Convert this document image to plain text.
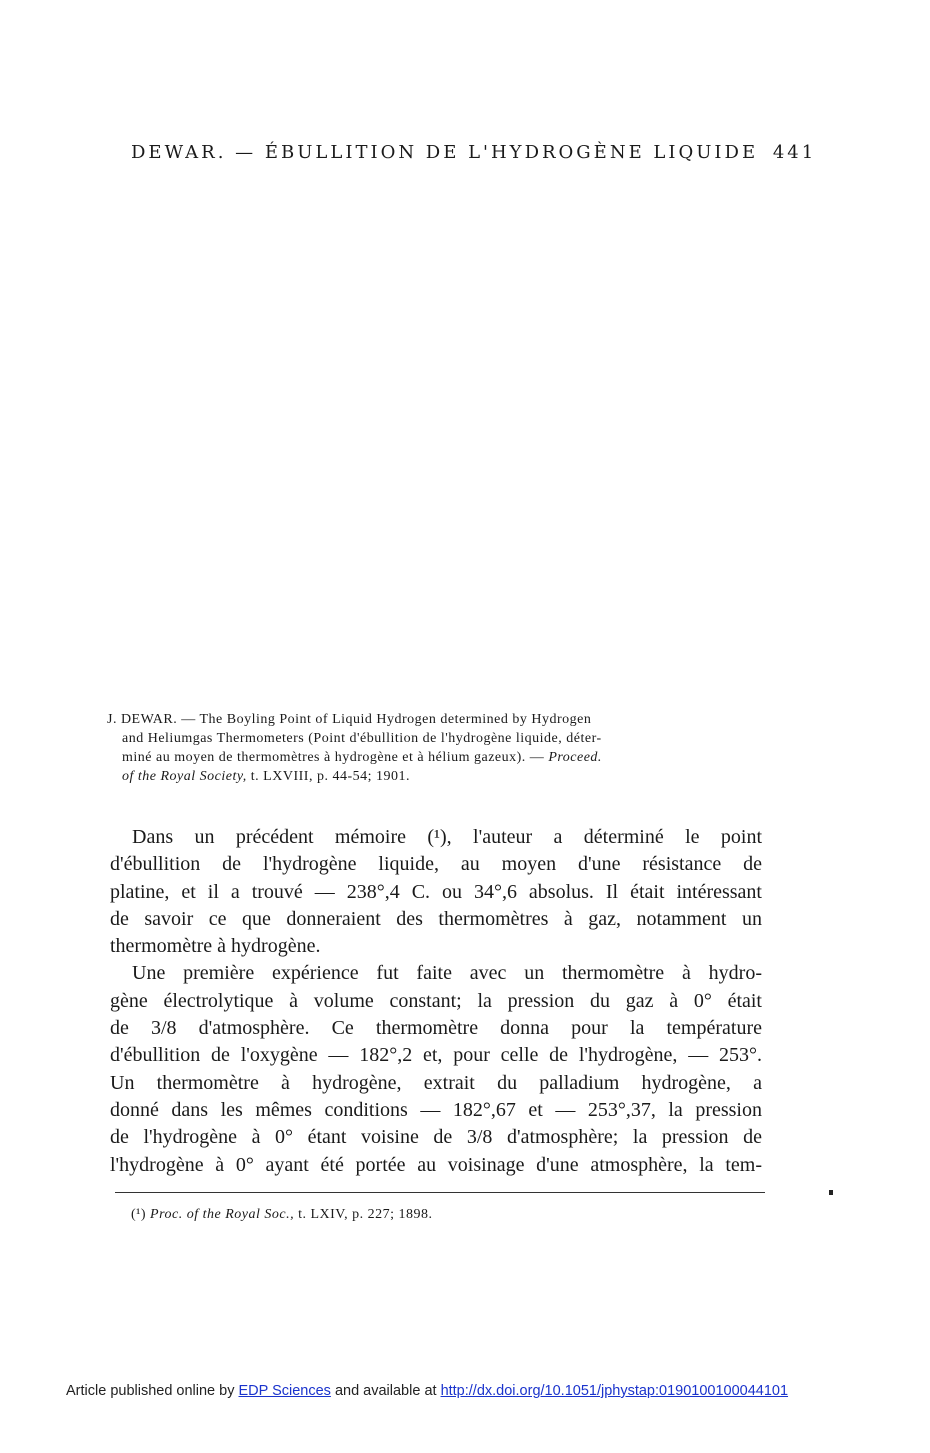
DEWAR. — ÉBULLITION DE L'HYDROGÈNE LIQUIDE 441
J. DEWAR. — The Boyling Point of Liquid Hydrogen determined by Hydrogen
and Heliumgas Thermometers (Point d'ébullition de l'hydrogène liquide, déter-
miné au moyen de thermomètres à hydrogène et à hélium gazeux). — Proceed.
of the Royal Society, t. LXVIII, p. 44-54; 1901.
Dans un précédent mémoire (¹), l'auteur a déterminé le point
d'ébullition de l'hydrogène liquide, au moyen d'une résistance de
platine, et il a trouvé — 238°,4 C. ou 34°,6 absolus. Il était intéressant
de savoir ce que donneraient des thermomètres à gaz, notamment un
thermomètre à hydrogène.
Une première expérience fut faite avec un thermomètre à hydro-
gène électrolytique à volume constant; la pression du gaz à 0° était
de 3/8 d'atmosphère. Ce thermomètre donna pour la température
d'ébullition de l'oxygène — 182°,2 et, pour celle de l'hydrogène, — 253°.
Un thermomètre à hydrogène, extrait du palladium hydrogène, a
donné dans les mêmes conditions — 182°,67 et — 253°,37, la pression
de l'hydrogène à 0° étant voisine de 3/8 d'atmosphère; la pression de
l'hydrogène à 0° ayant été portée au voisinage d'une atmosphère, la tem-
(¹) Proc. of the Royal Soc., t. LXIV, p. 227; 1898.
Article published online by EDP Sciences and available at http://dx.doi.org/10.1051/jphystap:0190100100044101
